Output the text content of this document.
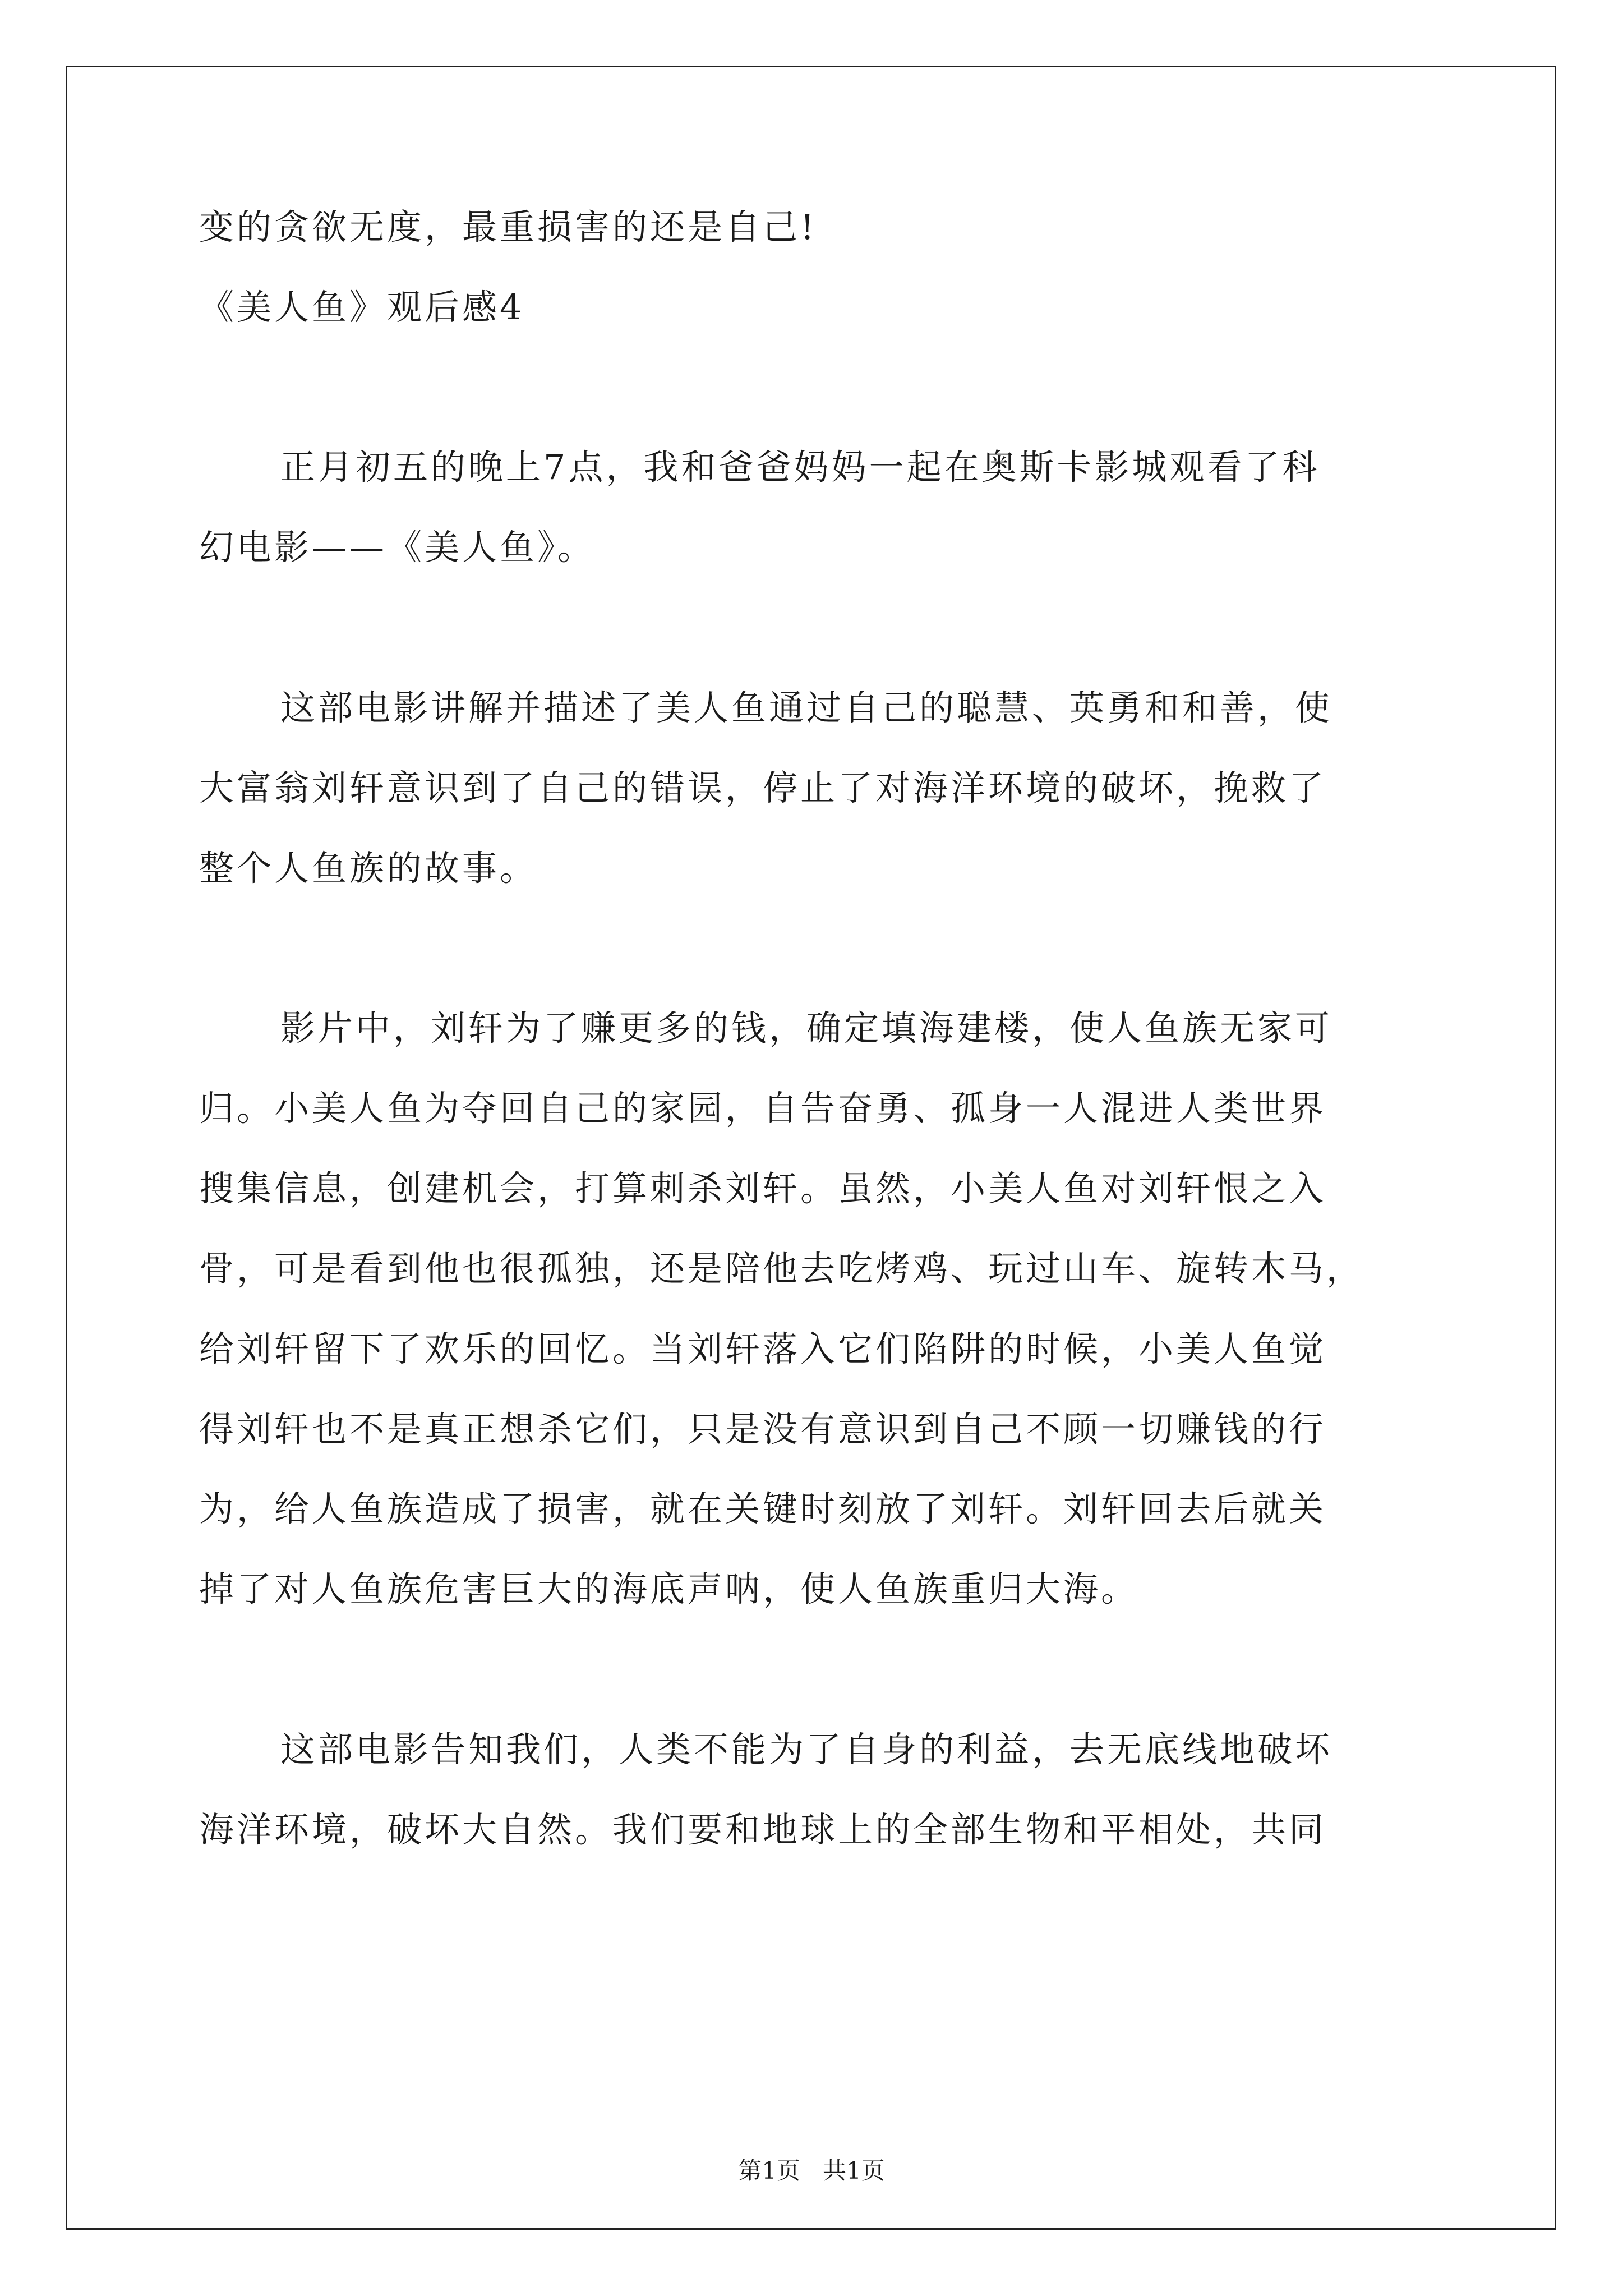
变的贪欲无度，最重损害的还是自己!
《美人鱼》观后感4
正月初五的晚上7点，我和爸爸妈妈一起在奥斯卡影城观看了科
幻电影——《美人鱼》。
这部电影讲解并描述了美人鱼通过自己的聪慧、英勇和和善，使
大富翁刘轩意识到了自己的错误，停止了对海洋环境的破坏，挽救了
整个人鱼族的故事。
影片中，刘轩为了赚更多的钱，确定填海建楼，使人鱼族无家可
归。小美人鱼为夺回自己的家园，自告奋勇、孤身一人混进人类世界
搜集信息，创建机会，打算刺杀刘轩。虽然，小美人鱼对刘轩恨之入
骨，可是看到他也很孤独，还是陪他去吃烤鸡、玩过山车、旋转木马，
给刘轩留下了欢乐的回忆。当刘轩落入它们陷阱的时候，小美人鱼觉
得刘轩也不是真正想杀它们，只是没有意识到自己不顾一切赚钱的行
为，给人鱼族造成了损害，就在关键时刻放了刘轩。刘轩回去后就关
掉了对人鱼族危害巨大的海底声呐，使人鱼族重归大海。
这部电影告知我们，人类不能为了自身的利益，去无底线地破坏
海洋环境，破坏大自然。我们要和地球上的全部生物和平相处，共同
第1页   共1页
